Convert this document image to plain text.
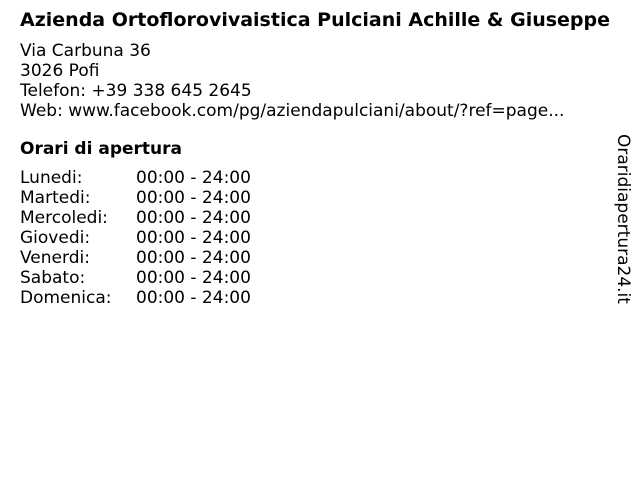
Azienda Ortoflorovivaistica Pulciani Achille & Giuseppe
Via Carbuna 36
3026 Pofi
Telefon: +39 338 645 2645
Web: www.facebook.com/pg/aziendapulciani/about/?ref=page...
Orari di apertura
Lunedi:	00:00 - 24:00
Martedi:	00:00 - 24:00
Mercoledi:	00:00 - 24:00
Giovedi:	00:00 - 24:00
Venerdi:	00:00 - 24:00
Sabato:	00:00 - 24:00
Domenica:	00:00 - 24:00	Oraridiapertura24.it
